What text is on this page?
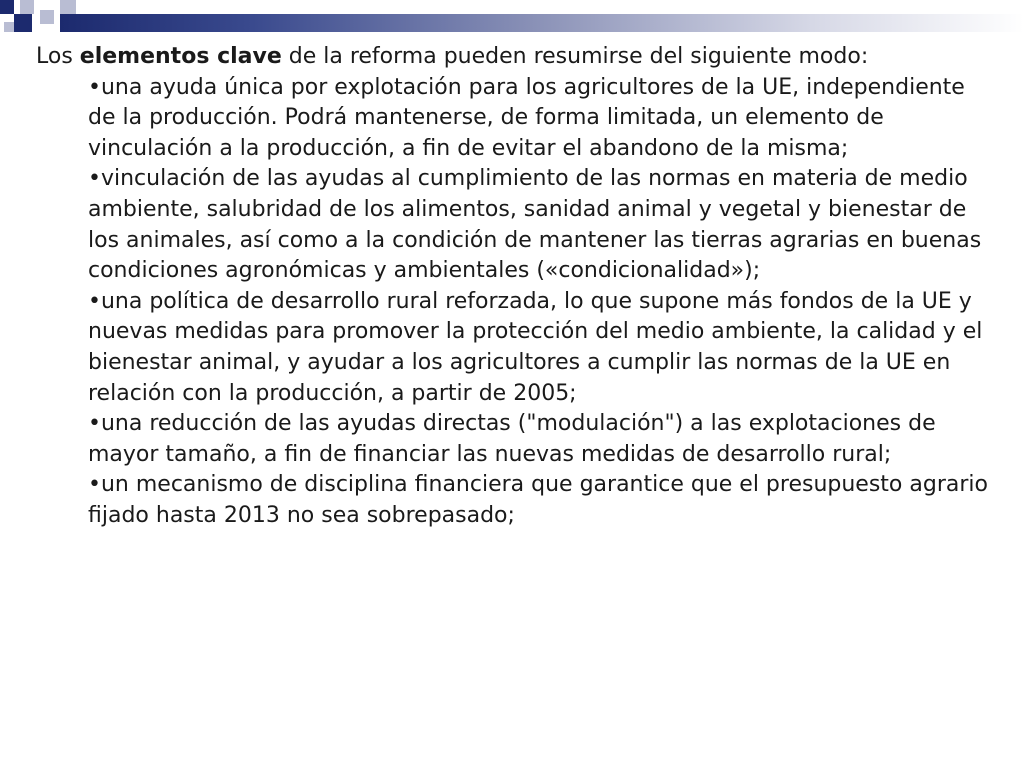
Los elementos clave de la reforma pueden resumirse del siguiente modo:

•una ayuda única por explotación para los agricultores de la UE, independiente de la producción. Podrá mantenerse, de forma limitada, un elemento de vinculación a la producción, a fin de evitar el abandono de la misma;
•vinculación de las ayudas al cumplimiento de las normas en materia de medio ambiente, salubridad de los alimentos, sanidad animal y vegetal y bienestar de los animales, así como a la condición de mantener las tierras agrarias en buenas condiciones agronómicas y ambientales («condicionalidad»);
•una política de desarrollo rural reforzada, lo que supone más fondos de la UE y nuevas medidas para promover la protección del medio ambiente, la calidad y el bienestar animal, y ayudar a los agricultores a cumplir las normas de la UE en relación con la producción, a partir de 2005;
•una reducción de las ayudas directas ("modulación") a las explotaciones de mayor tamaño, a fin de financiar las nuevas medidas de desarrollo rural;
•un mecanismo de disciplina financiera que garantice que el presupuesto agrario fijado hasta 2013 no sea sobrepasado;
